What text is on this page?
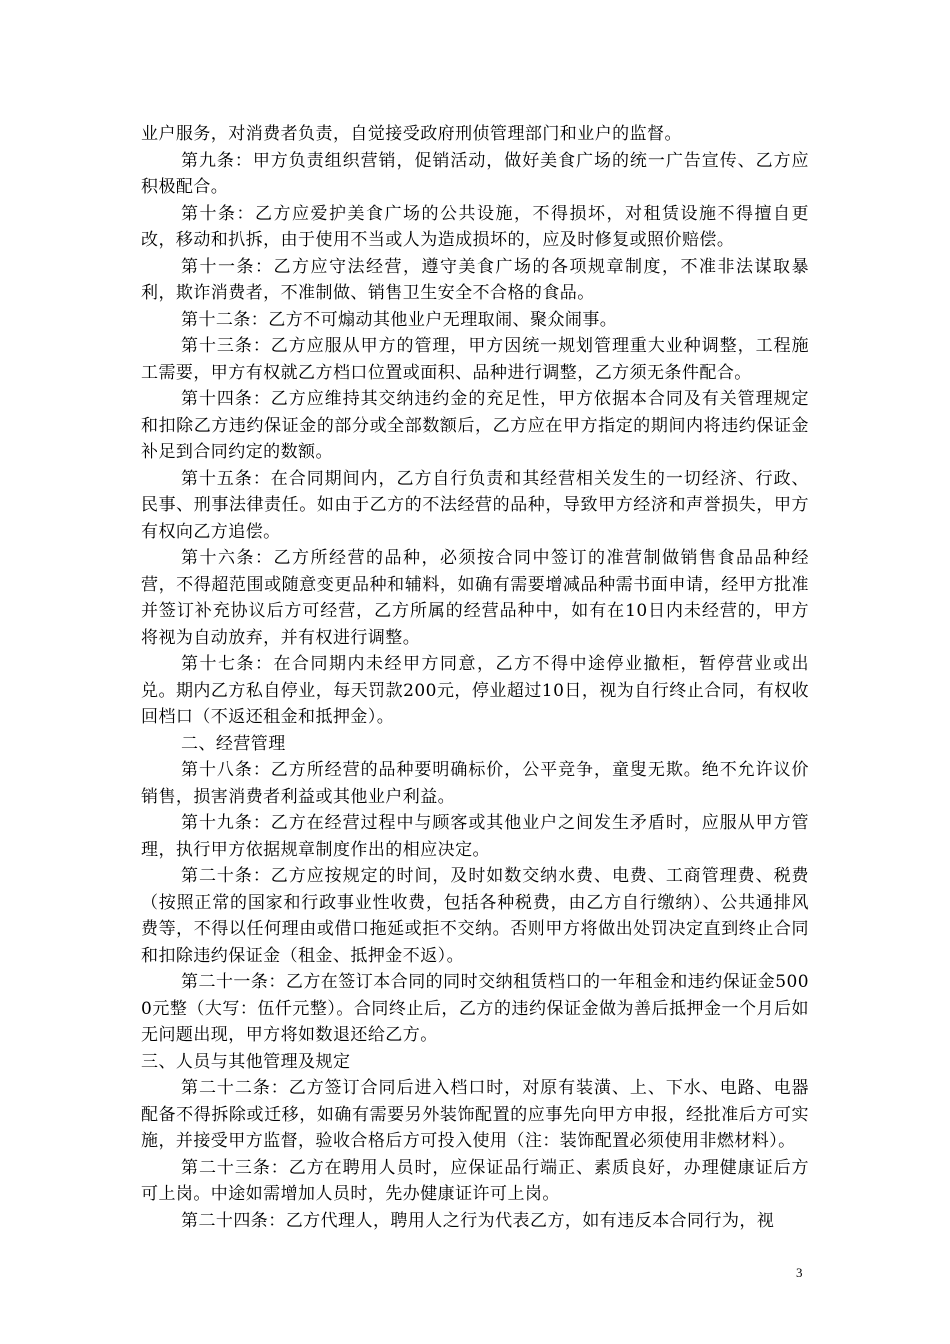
业户服务，对消费者负责，自觉接受政府刑侦管理部门和业户的监督。

第九条：甲方负责组织营销，促销活动，做好美食广场的统一广告宣传、乙方应积极配合。

第十条：乙方应爱护美食广场的公共设施，不得损坏，对租赁设施不得擅自更改，移动和扒拆，由于使用不当或人为造成损坏的，应及时修复或照价赔偿。

第十一条：乙方应守法经营，遵守美食广场的各项规章制度，不准非法谋取暴利，欺诈消费者，不准制做、销售卫生安全不合格的食品。

第十二条：乙方不可煽动其他业户无理取闹、聚众闹事。

第十三条：乙方应服从甲方的管理，甲方因统一规划管理重大业种调整，工程施工需要，甲方有权就乙方档口位置或面积、品种进行调整，乙方须无条件配合。

第十四条：乙方应维持其交纳违约金的充足性，甲方依据本合同及有关管理规定和扣除乙方违约保证金的部分或全部数额后，乙方应在甲方指定的期间内将违约保证金补足到合同约定的数额。

第十五条：在合同期间内，乙方自行负责和其经营相关发生的一切经济、行政、民事、刑事法律责任。如由于乙方的不法经营的品种，导致甲方经济和声誉损失，甲方有权向乙方追偿。

第十六条：乙方所经营的品种，必须按合同中签订的准营制做销售食品品种经营，不得超范围或随意变更品种和辅料，如确有需要增减品种需书面申请，经甲方批准并签订补充协议后方可经营，乙方所属的经营品种中，如有在10日内未经营的，甲方将视为自动放弃，并有权进行调整。

第十七条：在合同期内未经甲方同意，乙方不得中途停业撤柜，暂停营业或出兑。期内乙方私自停业，每天罚款200元，停业超过10日，视为自行终止合同，有权收回档口（不返还租金和抵押金）。

二、经营管理

第十八条：乙方所经营的品种要明确标价，公平竞争，童叟无欺。绝不允许议价销售，损害消费者利益或其他业户利益。

第十九条：乙方在经营过程中与顾客或其他业户之间发生矛盾时，应服从甲方管理，执行甲方依据规章制度作出的相应决定。

第二十条：乙方应按规定的时间，及时如数交纳水费、电费、工商管理费、税费（按照正常的国家和行政事业性收费，包括各种税费，由乙方自行缴纳）、公共通排风费等，不得以任何理由或借口拖延或拒不交纳。否则甲方将做出处罚决定直到终止合同和扣除违约保证金（租金、抵押金不返）。

第二十一条：乙方在签订本合同的同时交纳租赁档口的一年租金和违约保证金5000元整（大写：伍仟元整）。合同终止后，乙方的违约保证金做为善后抵押金一个月后如无问题出现，甲方将如数退还给乙方。

三、人员与其他管理及规定

第二十二条：乙方签订合同后进入档口时，对原有装潢、上、下水、电路、电器配备不得拆除或迁移，如确有需要另外装饰配置的应事先向甲方申报，经批准后方可实施，并接受甲方监督，验收合格后方可投入使用（注：装饰配置必须使用非燃材料）。

第二十三条：乙方在聘用人员时，应保证品行端正、素质良好，办理健康证后方可上岗。中途如需增加人员时，先办健康证许可上岗。

第二十四条：乙方代理人，聘用人之行为代表乙方，如有违反本合同行为，视

3
